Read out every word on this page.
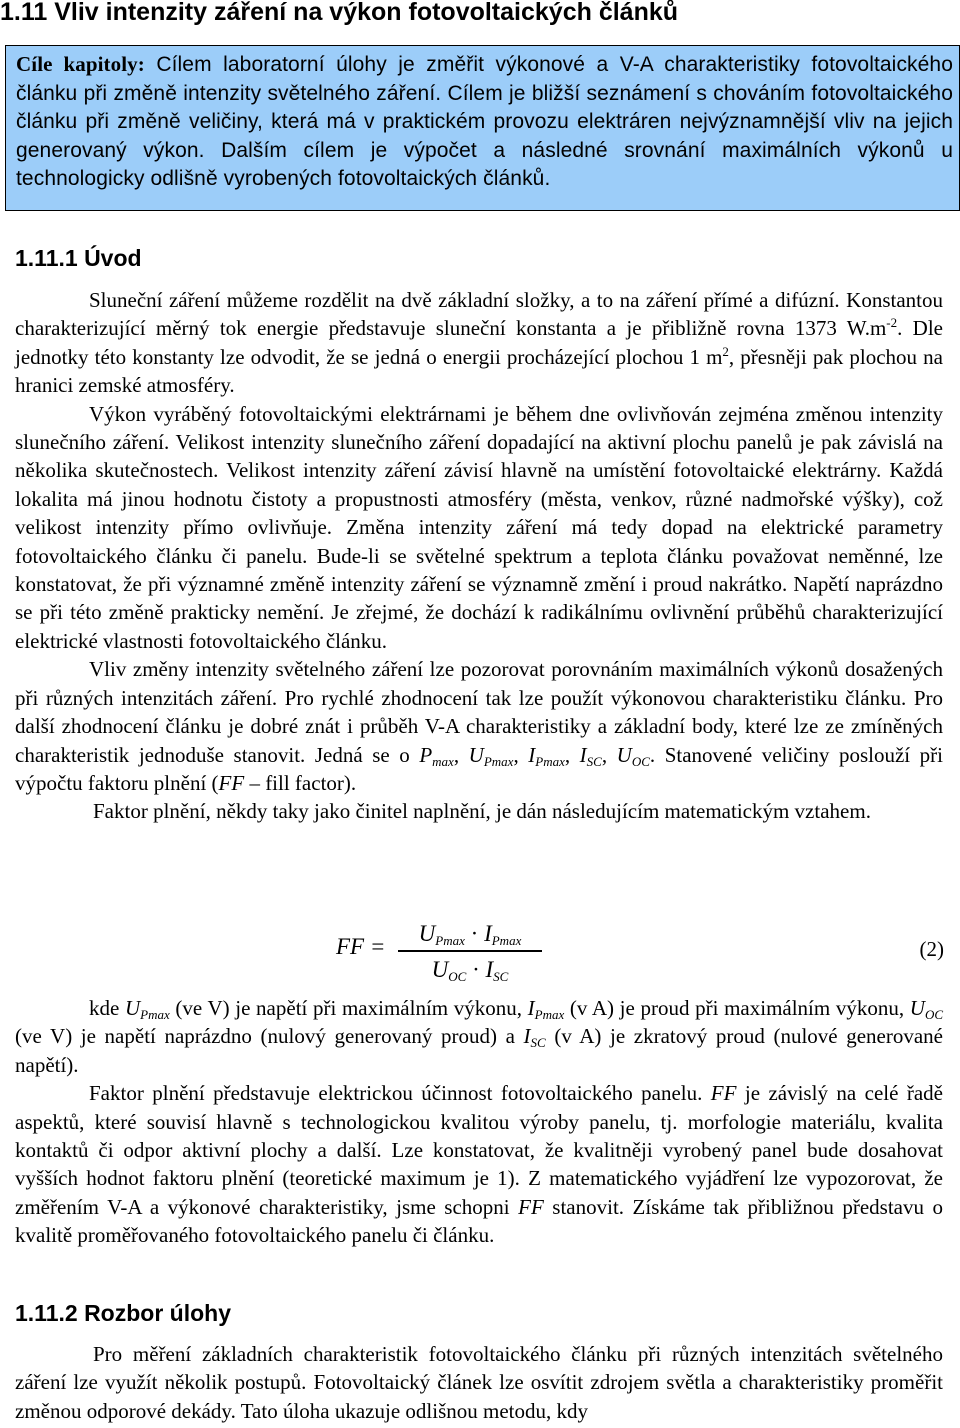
1.11 Vliv intenzity záření na výkon fotovoltaických článků

Cíle kapitoly: Cílem laboratorní úlohy je změřit výkonové a V-A charakteristiky fotovoltaického článku při změně intenzity světelného záření. Cílem je bližší seznámení s chováním fotovoltaického článku při změně veličiny, která má v praktickém provozu elektráren nejvýznamnější vliv na jejich generovaný výkon. Dalším cílem je výpočet a následné srovnání maximálních výkonů u technologicky odlišně vyrobených fotovoltaických článků.

1.11.1 Úvod

Sluneční záření můžeme rozdělit na dvě základní složky, a to na záření přímé a difúzní. Konstantou charakterizující měrný tok energie představuje sluneční konstanta a je přibližně rovna 1373 $W.m^{-2}$. Dle jednotky této konstanty lze odvodit, že se jedná o energii procházející plochou 1 $m^2$, přesněji pak plochou na hranici zemské atmosféry.

Výkon vyráběný fotovoltaickými elektrárnami je během dne ovlivňován zejména změnou intenzity slunečního záření. Velikost intenzity slunečního záření dopadající na aktivní plochu panelů je pak závislá na několika skutečnostech. Velikost intenzity záření závisí hlavně na umístění fotovoltaické elektrárny. Každá lokalita má jinou hodnotu čistoty a propustnosti atmosféry (města, venkov, různé nadmořské výšky), což velikost intenzity přímo ovlivňuje. Změna intenzity záření má tedy dopad na elektrické parametry fotovoltaického článku či panelu. Bude-li se světelné spektrum a teplota článku považovat neměnné, lze konstatovat, že při významné změně intenzity záření se významně změní i proud nakrátko. Napětí naprázdno se při této změně prakticky nemění. Je zřejmé, že dochází k radikálnímu ovlivnění průběhů charakterizující elektrické vlastnosti fotovoltaického článku.

Vliv změny intenzity světelného záření lze pozorovat porovnáním maximálních výkonů dosažených při různých intenzitách záření. Pro rychlé zhodnocení tak lze použít výkonovou charakteristiku článku. Pro další zhodnocení článku je dobré znát i průběh V-A charakteristiky a základní body, které lze ze zmíněných charakteristik jednoduše stanovit. Jedná se o $P_{max}$, $U_{Pmax}$, $I_{Pmax}$, $I_{SC}$, $U_{OC}$. Stanovené veličiny poslouží při výpočtu faktoru plnění (FF – fill factor).

Faktor plnění, někdy taky jako činitel naplnění, je dán následujícím matematickým vztahem.

FF =
$U_{Pmax} \cdot I_{Pmax}$
$U_{OC} \cdot I_{SC}$
(2)

kde $U_{Pmax}$ (ve V) je napětí při maximálním výkonu, $I_{Pmax}$ (v A) je proud při maximálním výkonu, $U_{OC}$ (ve V) je napětí naprázdno (nulový generovaný proud) a $I_{SC}$ (v A) je zkratový proud (nulové generované napětí).

Faktor plnění představuje elektrickou účinnost fotovoltaického panelu. FF je závislý na celé řadě aspektů, které souvisí hlavně s technologickou kvalitou výroby panelu, tj. morfologie materiálu, kvalita kontaktů či odpor aktivní plochy a další. Lze konstatovat, že kvalitněji vyrobený panel bude dosahovat vyšších hodnot faktoru plnění (teoretické maximum je 1). Z matematického vyjádření lze vypozorovat, že změřením V-A a výkonové charakteristiky, jsme schopni FF stanovit. Získáme tak přibližnou představu o kvalitě proměřovaného fotovoltaického panelu či článku.

1.11.2 Rozbor úlohy

Pro měření základních charakteristik fotovoltaického článku při různých intenzitách světelného záření lze využít několik postupů. Fotovoltaický článek lze osvítit zdrojem světla a charakteristiky proměřit změnou odporové dekády. Tato úloha ukazuje odlišnou metodu, kdy
